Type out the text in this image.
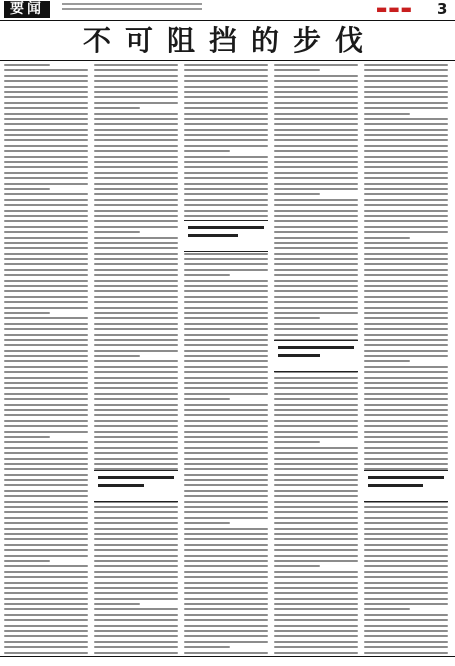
要闻	▬▬▬ 3
不可阻挡的步伐
